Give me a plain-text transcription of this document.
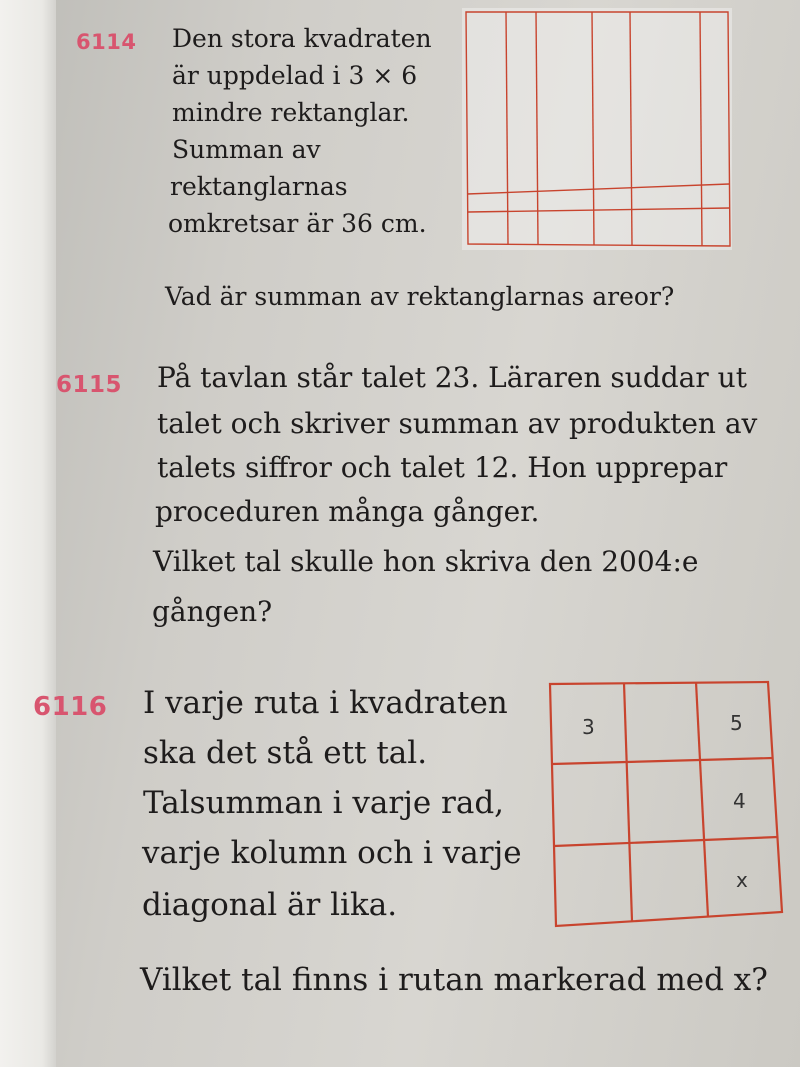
6114 Den stora kvadraten
är uppdelad i 3 × 6
mindre rektanglar.
Summan av
rektanglarnas
omkretsar är 36 cm.
Vad är summan av rektanglarnas areor?
6115 På tavlan står talet 23. Läraren suddar ut
talet och skriver summan av produkten av
talets siffror och talet 12. Hon upprepar
proceduren många gånger.
Vilket tal skulle hon skriva den 2004:e
gången?
6116 I varje ruta i kvadraten
ska det stå ett tal.
Talsumman i varje rad,
varje kolumn och i varje
diagonal är lika.
3	5
4
x
Vilket tal finns i rutan markerad med x?
